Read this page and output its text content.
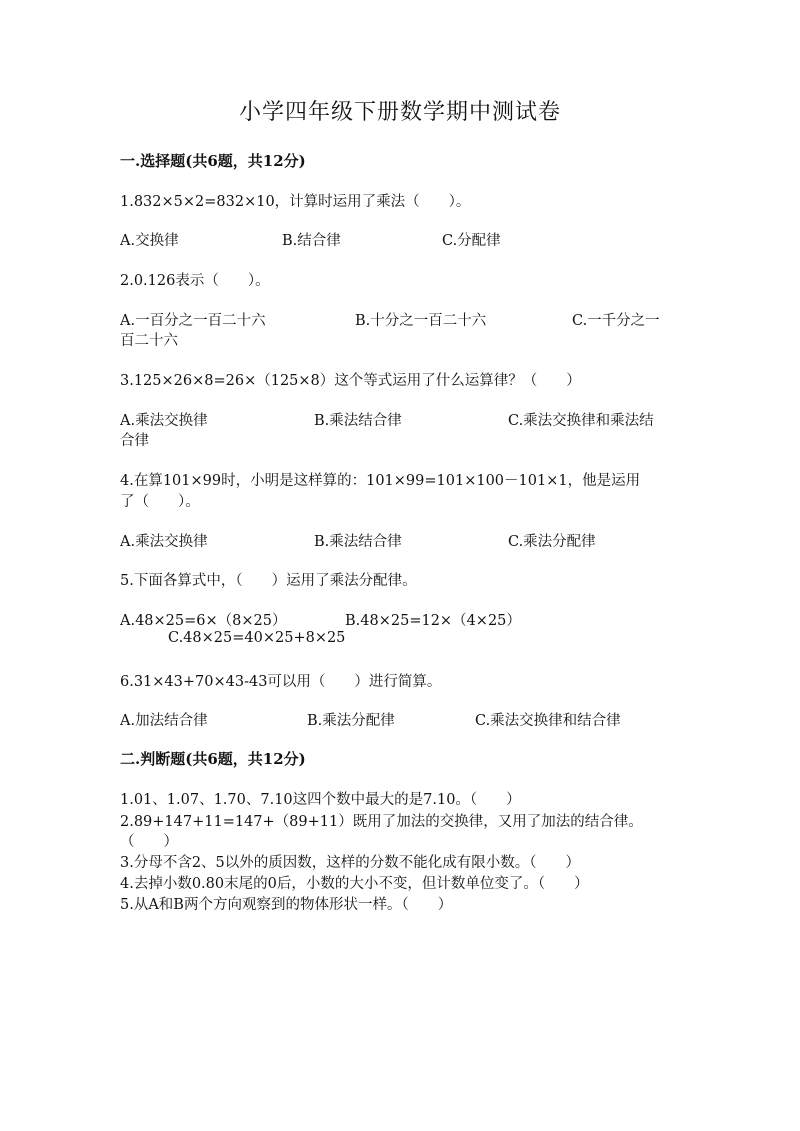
小学四年级下册数学期中测试卷
一.选择题(共6题，共12分)
1.832×5×2=832×10，计算时运用了乘法（　　）。
A.交换律	B.结合律	C.分配律
2.0.126表示（　　）。
A.一百分之一百二十六	B.十分之一百二十六	C.一千分之一
百二十六
3.125×26×8=26×（125×8）这个等式运用了什么运算律？（　　）
A.乘法交换律	B.乘法结合律	C.乘法交换律和乘法结
合律
4.在算101×99时，小明是这样算的：101×99=101×100－101×1，他是运用
了（　　）。
A.乘法交换律	B.乘法结合律	C.乘法分配律
5.下面各算式中，（　　）运用了乘法分配律。
A.48×25=6×（8×25）	B.48×25=12×（4×25）
C.48×25=40×25+8×25
6.31×43+70×43-43可以用（　　）进行简算。
A.加法结合律	B.乘法分配律	C.乘法交换律和结合律
二.判断题(共6题，共12分)
1.01、1.07、1.70、7.10这四个数中最大的是7.10。（　　）
2.89+147+11=147+（89+11）既用了加法的交换律，又用了加法的结合律。
（　　）
3.分母不含2、5以外的质因数，这样的分数不能化成有限小数。（　　）
4.去掉小数0.80末尾的0后，小数的大小不变，但计数单位变了。（　　）
5.从A和B两个方向观察到的物体形状一样。（　　）
